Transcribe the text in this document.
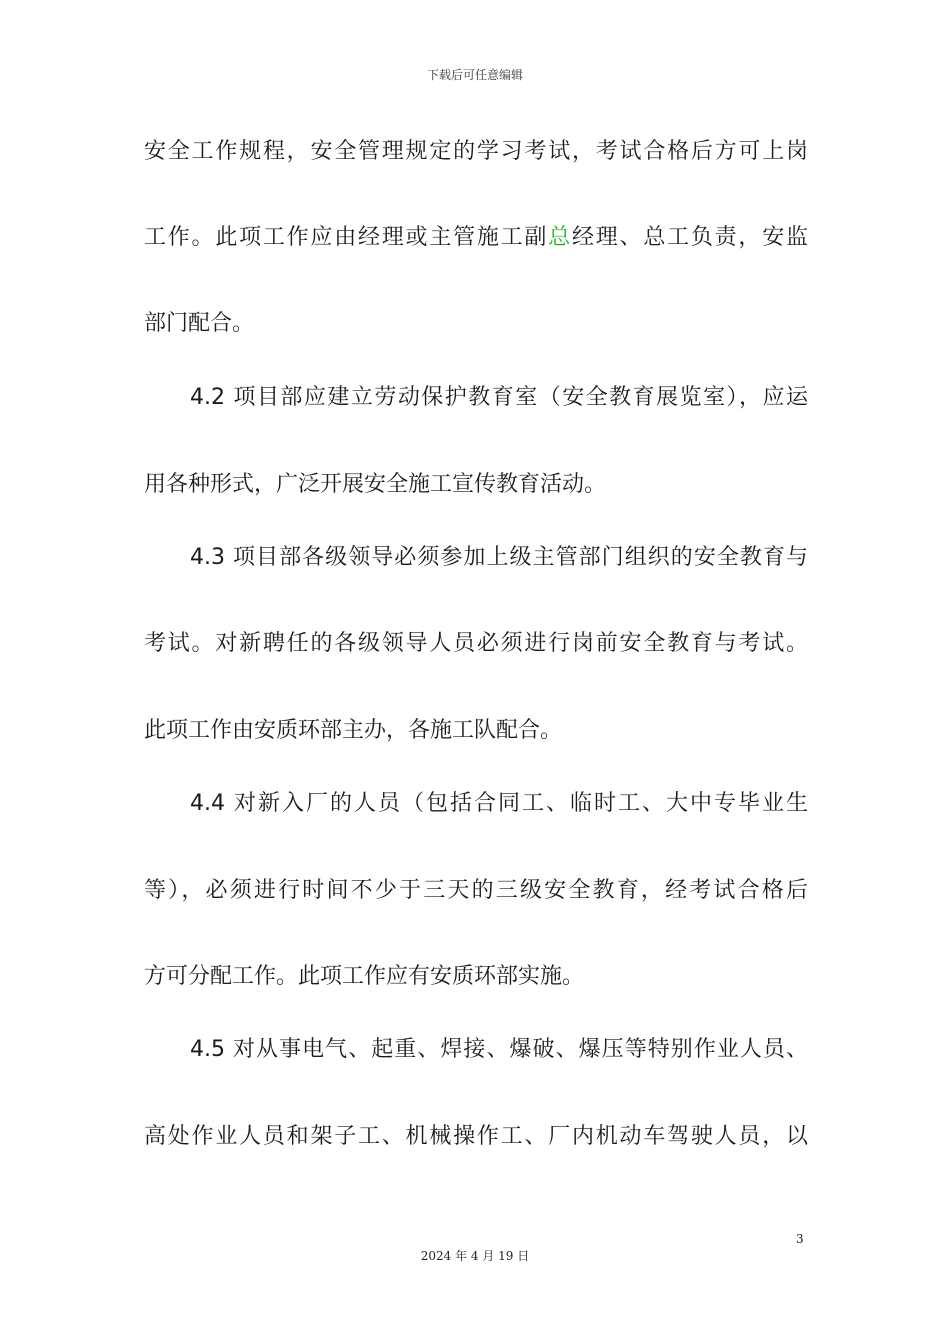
下载后可任意编辑
安全工作规程，安全管理规定的学习考试，考试合格后方可上岗
工作。此项工作应由经理或主管施工副总经理、总工负责，安监
部门配合。
4.2 项目部应建立劳动保护教育室（安全教育展览室），应运
用各种形式，广泛开展安全施工宣传教育活动。
4.3 项目部各级领导必须参加上级主管部门组织的安全教育与
考试。对新聘任的各级领导人员必须进行岗前安全教育与考试。
此项工作由安质环部主办，各施工队配合。
4.4 对新入厂的人员（包括合同工、临时工、大中专毕业生
等），必须进行时间不少于三天的三级安全教育，经考试合格后
方可分配工作。此项工作应有安质环部实施。
4.5 对从事电气、起重、焊接、爆破、爆压等特别作业人员、
高处作业人员和架子工、机械操作工、厂内机动车驾驶人员，以
3
2024 年 4 月 19 日
